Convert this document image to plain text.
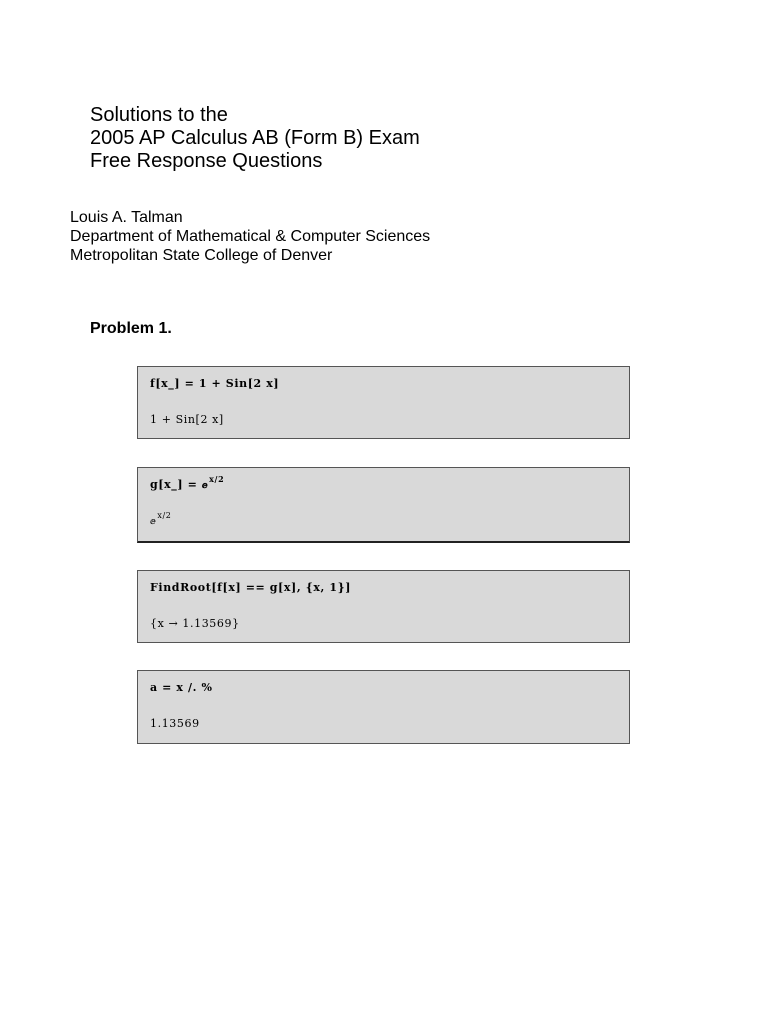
Solutions to the
2005 AP Calculus AB (Form B) Exam
Free Response Questions
Louis A. Talman
Department of Mathematical & Computer Sciences
Metropolitan State College of Denver
Problem 1.
f[x_] = 1 + Sin[2 x]
1 + Sin[2 x]
g[x_] = ⅇ$^{x/2}$
ⅇ$^{x/2}$
FindRoot[f[x] == g[x], {x, 1}]
{x → 1.13569}
a = x /. %
1.13569
